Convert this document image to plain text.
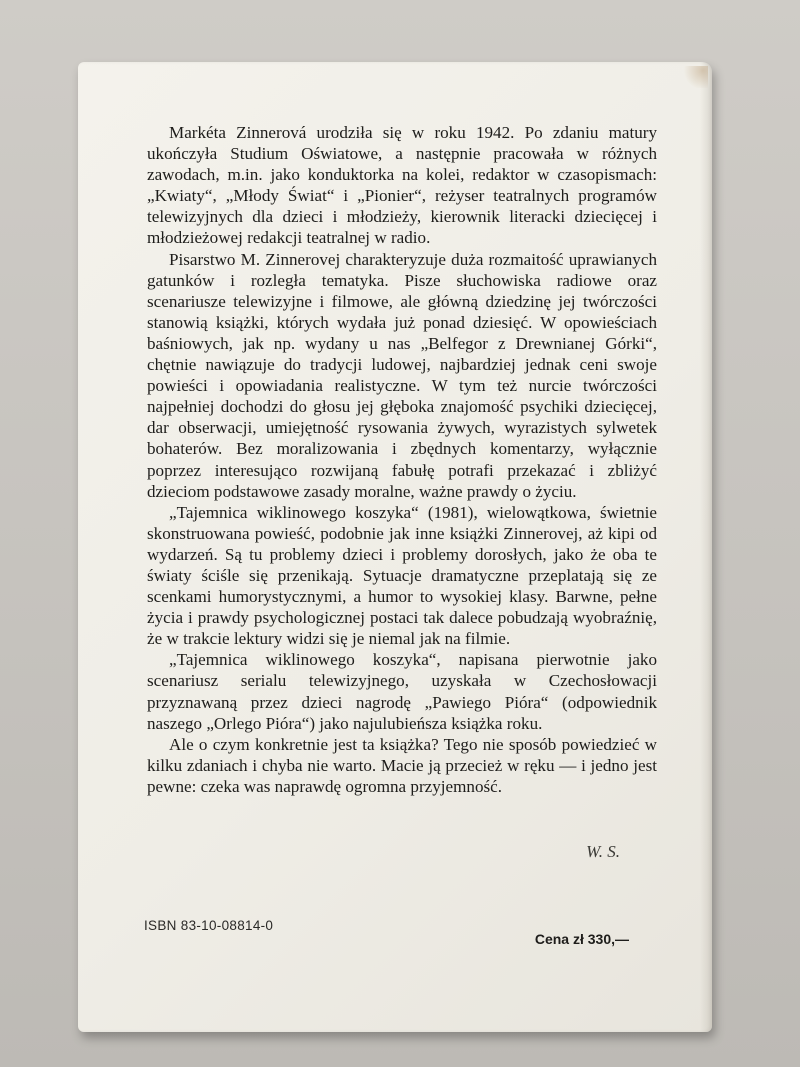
Markéta Zinnerová urodziła się w roku 1942. Po zdaniu matury ukończyła Studium Oświatowe, a następnie pracowała w różnych zawodach, m.in. jako konduktorka na kolei, redaktor w czasopismach: „Kwiaty“, „Młody Świat“ i „Pionier“, reżyser teatralnych programów telewizyjnych dla dzieci i młodzieży, kierownik literacki dziecięcej i młodzieżowej redakcji teatralnej w radio.

Pisarstwo M. Zinnerovej charakteryzuje duża rozmaitość uprawianych gatunków i rozległa tematyka. Pisze słuchowiska radiowe oraz scenariusze telewizyjne i filmowe, ale główną dziedzinę jej twórczości stanowią książki, których wydała już ponad dziesięć. W opowieściach baśniowych, jak np. wydany u nas „Belfegor z Drewnianej Górki“, chętnie nawiązuje do tradycji ludowej, najbardziej jednak ceni swoje powieści i opowiadania realistyczne. W tym też nurcie twórczości najpełniej dochodzi do głosu jej głęboka znajomość psychiki dziecięcej, dar obserwacji, umiejętność rysowania żywych, wyrazistych sylwetek bohaterów. Bez moralizowania i zbędnych komentarzy, wyłącznie poprzez interesująco rozwijaną fabułę potrafi przekazać i zbliżyć dzieciom podstawowe zasady moralne, ważne prawdy o życiu.

„Tajemnica wiklinowego koszyka“ (1981), wielowątkowa, świetnie skonstruowana powieść, podobnie jak inne książki Zinnerovej, aż kipi od wydarzeń. Są tu problemy dzieci i problemy dorosłych, jako że oba te światy ściśle się przenikają. Sytuacje dramatyczne przeplatają się ze scenkami humorystycznymi, a humor to wysokiej klasy. Barwne, pełne życia i prawdy psychologicznej postaci tak dalece pobudzają wyobraźnię, że w trakcie lektury widzi się je niemal jak na filmie.

„Tajemnica wiklinowego koszyka“, napisana pierwotnie jako scenariusz serialu telewizyjnego, uzyskała w Czechosłowacji przyznawaną przez dzieci nagrodę „Pawiego Pióra“ (odpowiednik naszego „Orlego Pióra“) jako najulubieńsza książka roku.

Ale o czym konkretnie jest ta książka? Tego nie sposób powiedzieć w kilku zdaniach i chyba nie warto. Macie ją przecież w ręku — i jedno jest pewne: czeka was naprawdę ogromna przyjemność.

W. S.
ISBN 83-10-08814-0
Cena zł 330,—
